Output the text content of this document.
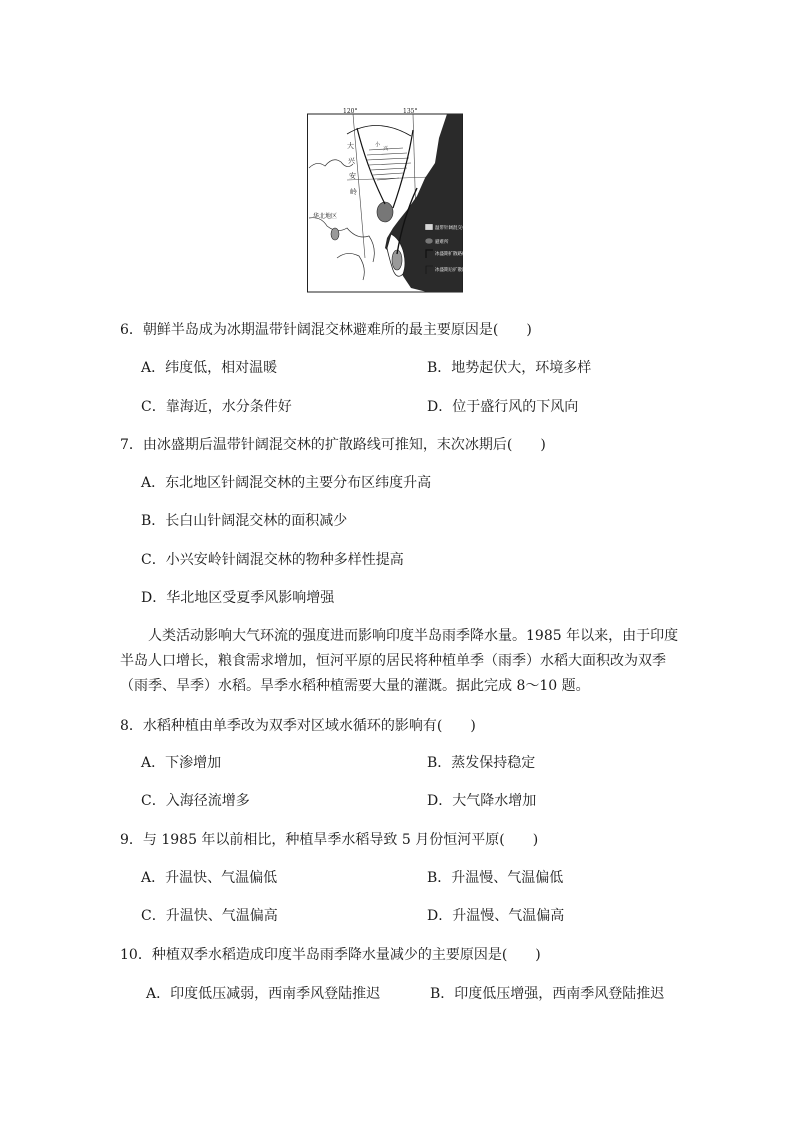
120°	135°
大
兴
安
岭
小
兴
华北地区
温带针阔混交林
避难所
冰盛期扩散路线
冰盛期后扩散路线
6．朝鲜半岛成为冰期温带针阔混交林避难所的最主要原因是(　　)
A．纬度低，相对温暖	B．地势起伏大，环境多样
C．靠海近，水分条件好	D．位于盛行风的下风向
7．由冰盛期后温带针阔混交林的扩散路线可推知，末次冰期后(　　)
A．东北地区针阔混交林的主要分布区纬度升高
B．长白山针阔混交林的面积减少
C．小兴安岭针阔混交林的物种多样性提高
D．华北地区受夏季风影响增强
人类活动影响大气环流的强度进而影响印度半岛雨季降水量。1985 年以来，由于印度半岛人口增长，粮食需求增加，恒河平原的居民将种植单季（雨季）水稻大面积改为双季（雨季、旱季）水稻。旱季水稻种植需要大量的灌溉。据此完成 8～10 题。
8．水稻种植由单季改为双季对区域水循环的影响有(　　)
A．下渗增加	B．蒸发保持稳定
C．入海径流增多	D．大气降水增加
9．与 1985 年以前相比，种植旱季水稻导致 5 月份恒河平原(　　)
A．升温快、气温偏低	B．升温慢、气温偏低
C．升温快、气温偏高	D．升温慢、气温偏高
10．种植双季水稻造成印度半岛雨季降水量减少的主要原因是(　　)
A．印度低压减弱，西南季风登陆推迟	B．印度低压增强，西南季风登陆推迟
